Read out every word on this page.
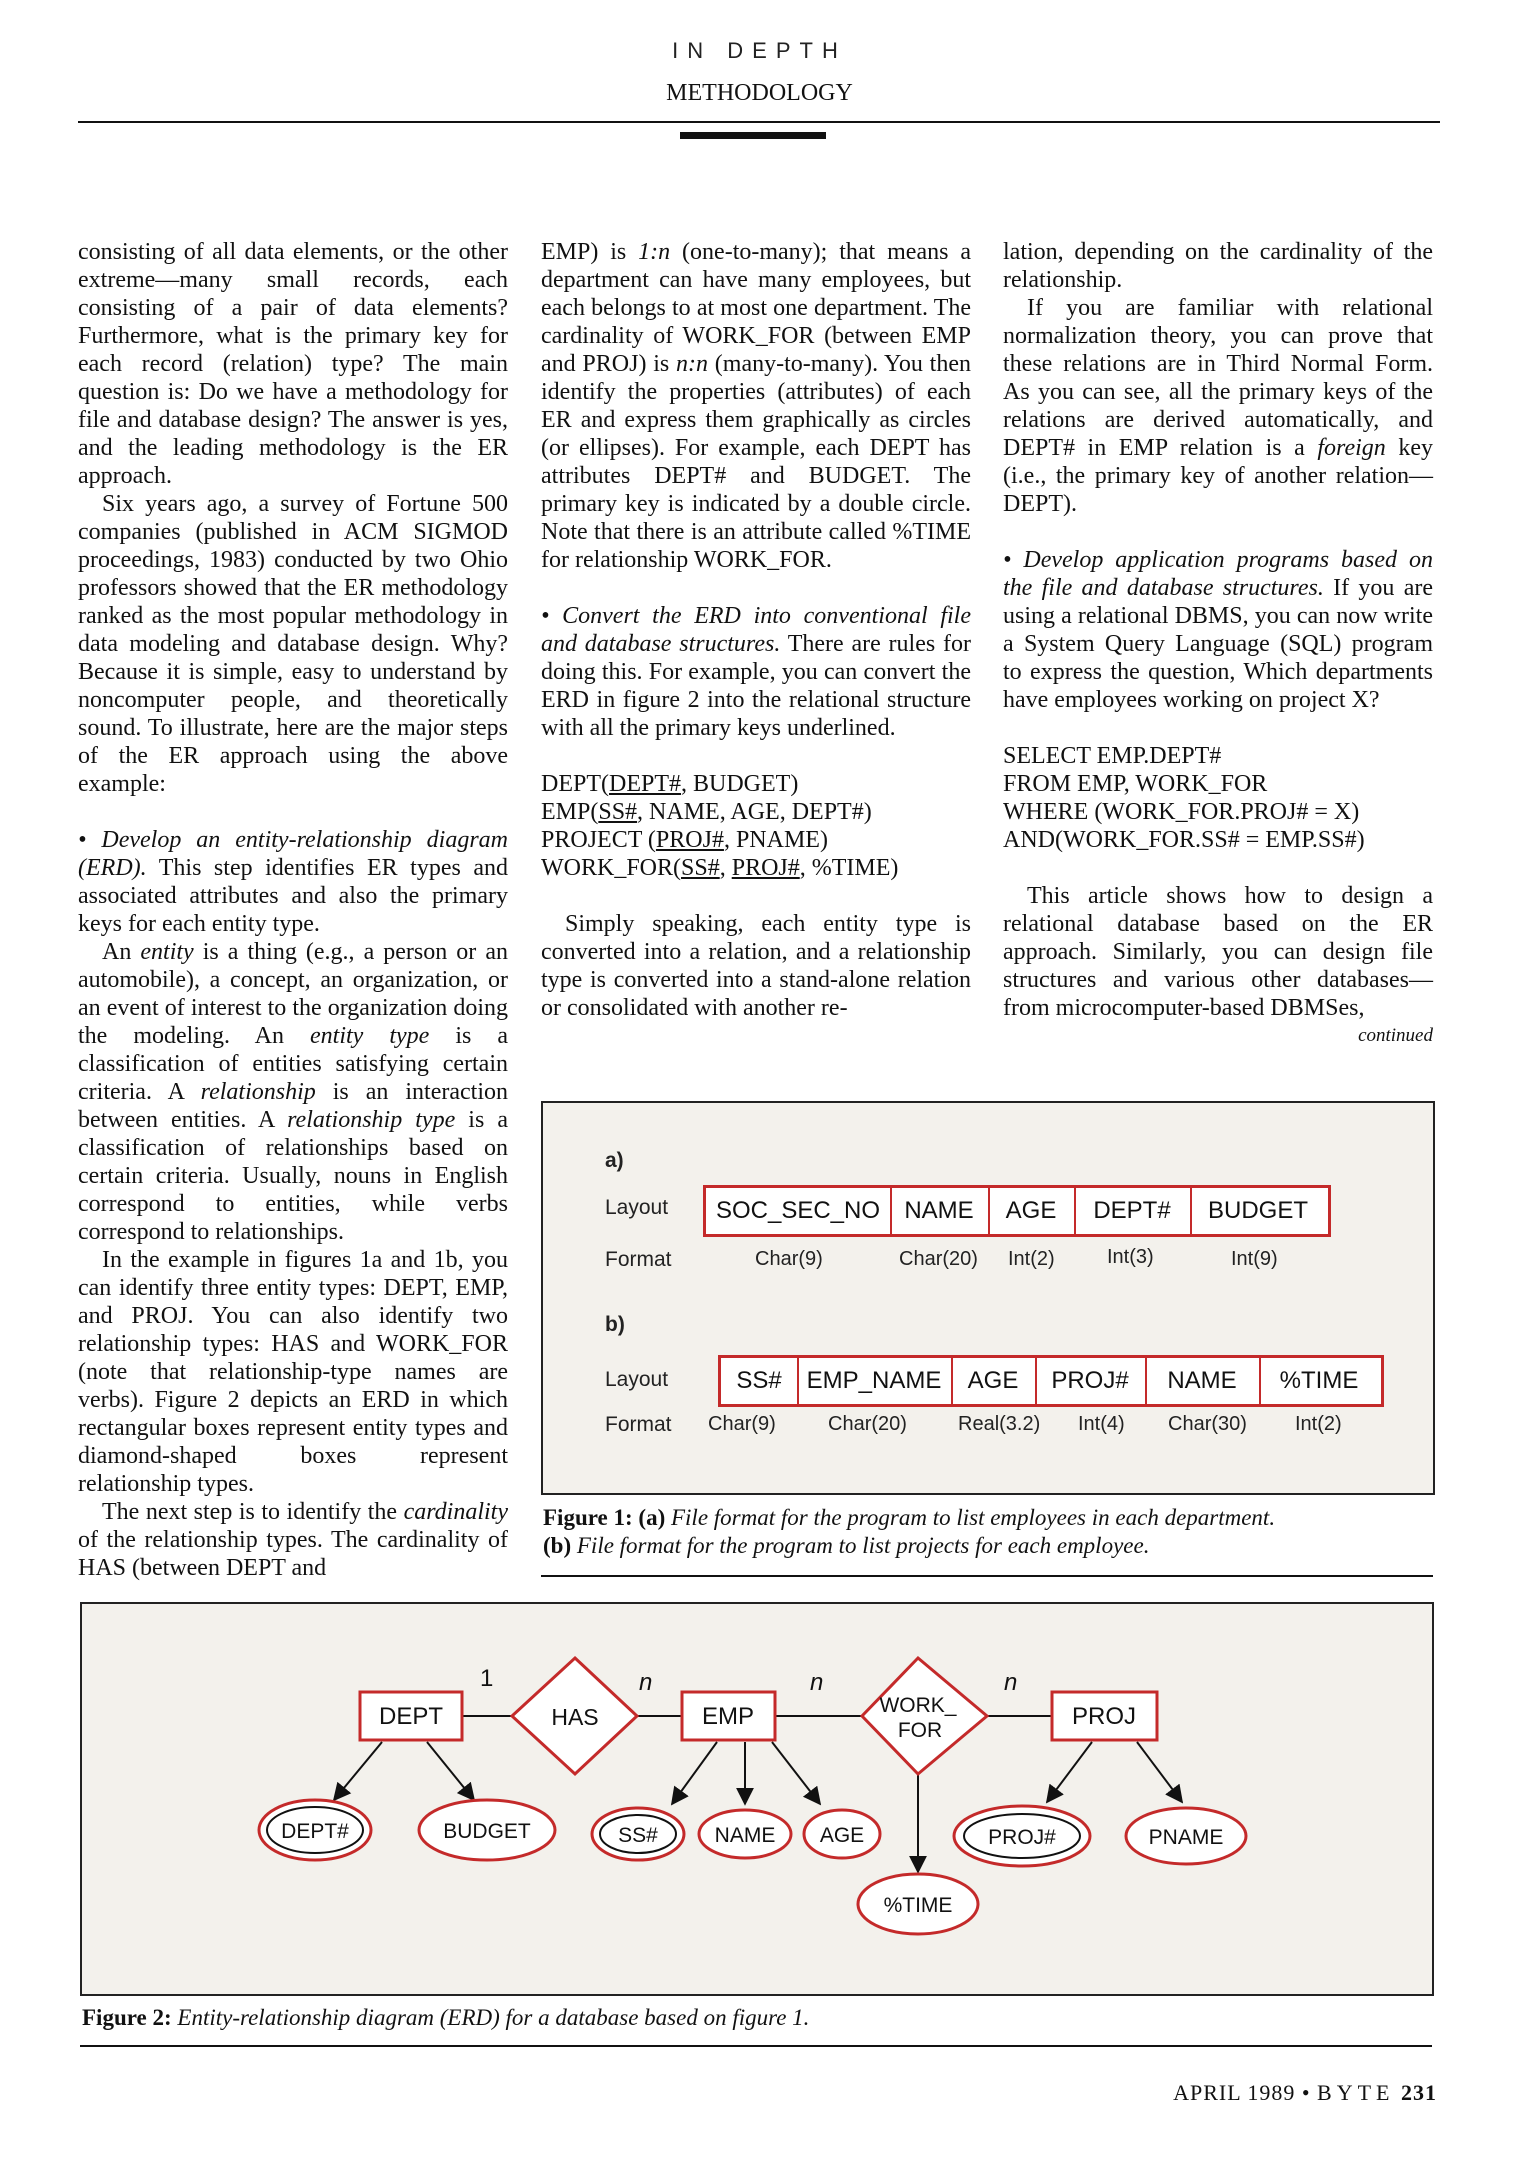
IN DEPTH
METHODOLOGY

consisting of all data elements, or the other extreme—many small records, each consisting of a pair of data elements? Furthermore, what is the primary key for each record (relation) type? The main question is: Do we have a methodology for file and database design? The answer is yes, and the leading methodology is the ER approach.

Six years ago, a survey of Fortune 500 companies (published in ACM SIGMOD proceedings, 1983) conducted by two Ohio professors showed that the ER methodology ranked as the most popular methodology in data modeling and database design. Why? Because it is simple, easy to understand by noncomputer people, and theoretically sound. To illustrate, here are the major steps of the ER approach using the above example:

• Develop an entity-relationship diagram (ERD). This step identifies ER types and associated attributes and also the primary keys for each entity type.

An entity is a thing (e.g., a person or an automobile), a concept, an organization, or an event of interest to the organization doing the modeling. An entity type is a classification of entities satisfying certain criteria. A relationship is an interaction between entities. A relationship type is a classification of relationships based on certain criteria. Usually, nouns in English correspond to entities, while verbs correspond to relationships.

In the example in figures 1a and 1b, you can identify three entity types: DEPT, EMP, and PROJ. You can also identify two relationship types: HAS and WORK_FOR (note that relationship-type names are verbs). Figure 2 depicts an ERD in which rectangular boxes represent entity types and diamond-shaped boxes represent relationship types.

The next step is to identify the cardinality of the relationship types. The cardinality of HAS (between DEPT and

EMP) is 1:n (one-to-many); that means a department can have many employees, but each belongs to at most one department. The cardinality of WORK_FOR (between EMP and PROJ) is n:n (many-to-many). You then identify the properties (attributes) of each ER and express them graphically as circles (or ellipses). For example, each DEPT has attributes DEPT# and BUDGET. The primary key is indicated by a double circle. Note that there is an attribute called %TIME for relationship WORK_FOR.

• Convert the ERD into conventional file and database structures. There are rules for doing this. For example, you can convert the ERD in figure 2 into the relational structure with all the primary keys underlined.

DEPT(DEPT#, BUDGET)
EMP(SS#, NAME, AGE, DEPT#)
PROJECT (PROJ#, PNAME)
WORK_FOR(SS#, PROJ#, %TIME)

Simply speaking, each entity type is converted into a relation, and a relationship type is converted into a stand-alone relation or consolidated with another re-

lation, depending on the cardinality of the relationship.

If you are familiar with relational normalization theory, you can prove that these relations are in Third Normal Form. As you can see, all the primary keys of the relations are derived automatically, and DEPT# in EMP relation is a foreign key (i.e., the primary key of another relation—DEPT).

• Develop application programs based on the file and database structures. If you are using a relational DBMS, you can now write a System Query Language (SQL) program to express the question, Which departments have employees working on project X?

SELECT EMP.DEPT#
FROM EMP, WORK_FOR
WHERE (WORK_FOR.PROJ# = X)
AND(WORK_FOR.SS# = EMP.SS#)

This article shows how to design a relational database based on the ER approach. Similarly, you can design file structures and various other databases—from microcomputer-based DBMSes,

continued
a)
Layout
Format
SOC_SEC_NO	NAME	AGE	DEPT#	BUDGET
Char(9)	Char(20) Int(2)	Int(3)	Int(9)
b)
Layout
Format
SS#	EMP_NAME	AGE	PROJ#	NAME	%TIME
Char(9)	Char(20)	Real(3.2) Int(4) Char(30) Int(2)
Figure 1: (a) File format for the program to list employees in each department.
(b) File format for the program to list projects for each employee.
DEPT	EMP	PROJ
HAS	WORK_
FOR
1	n	n	n
DEPT#	BUDGET	SS#	NAME AGE
%TIME
PROJ#	PNAME
Figure 2: Entity-relationship diagram (ERD) for a database based on figure 1.
APRIL 1989 • BYTE 231
